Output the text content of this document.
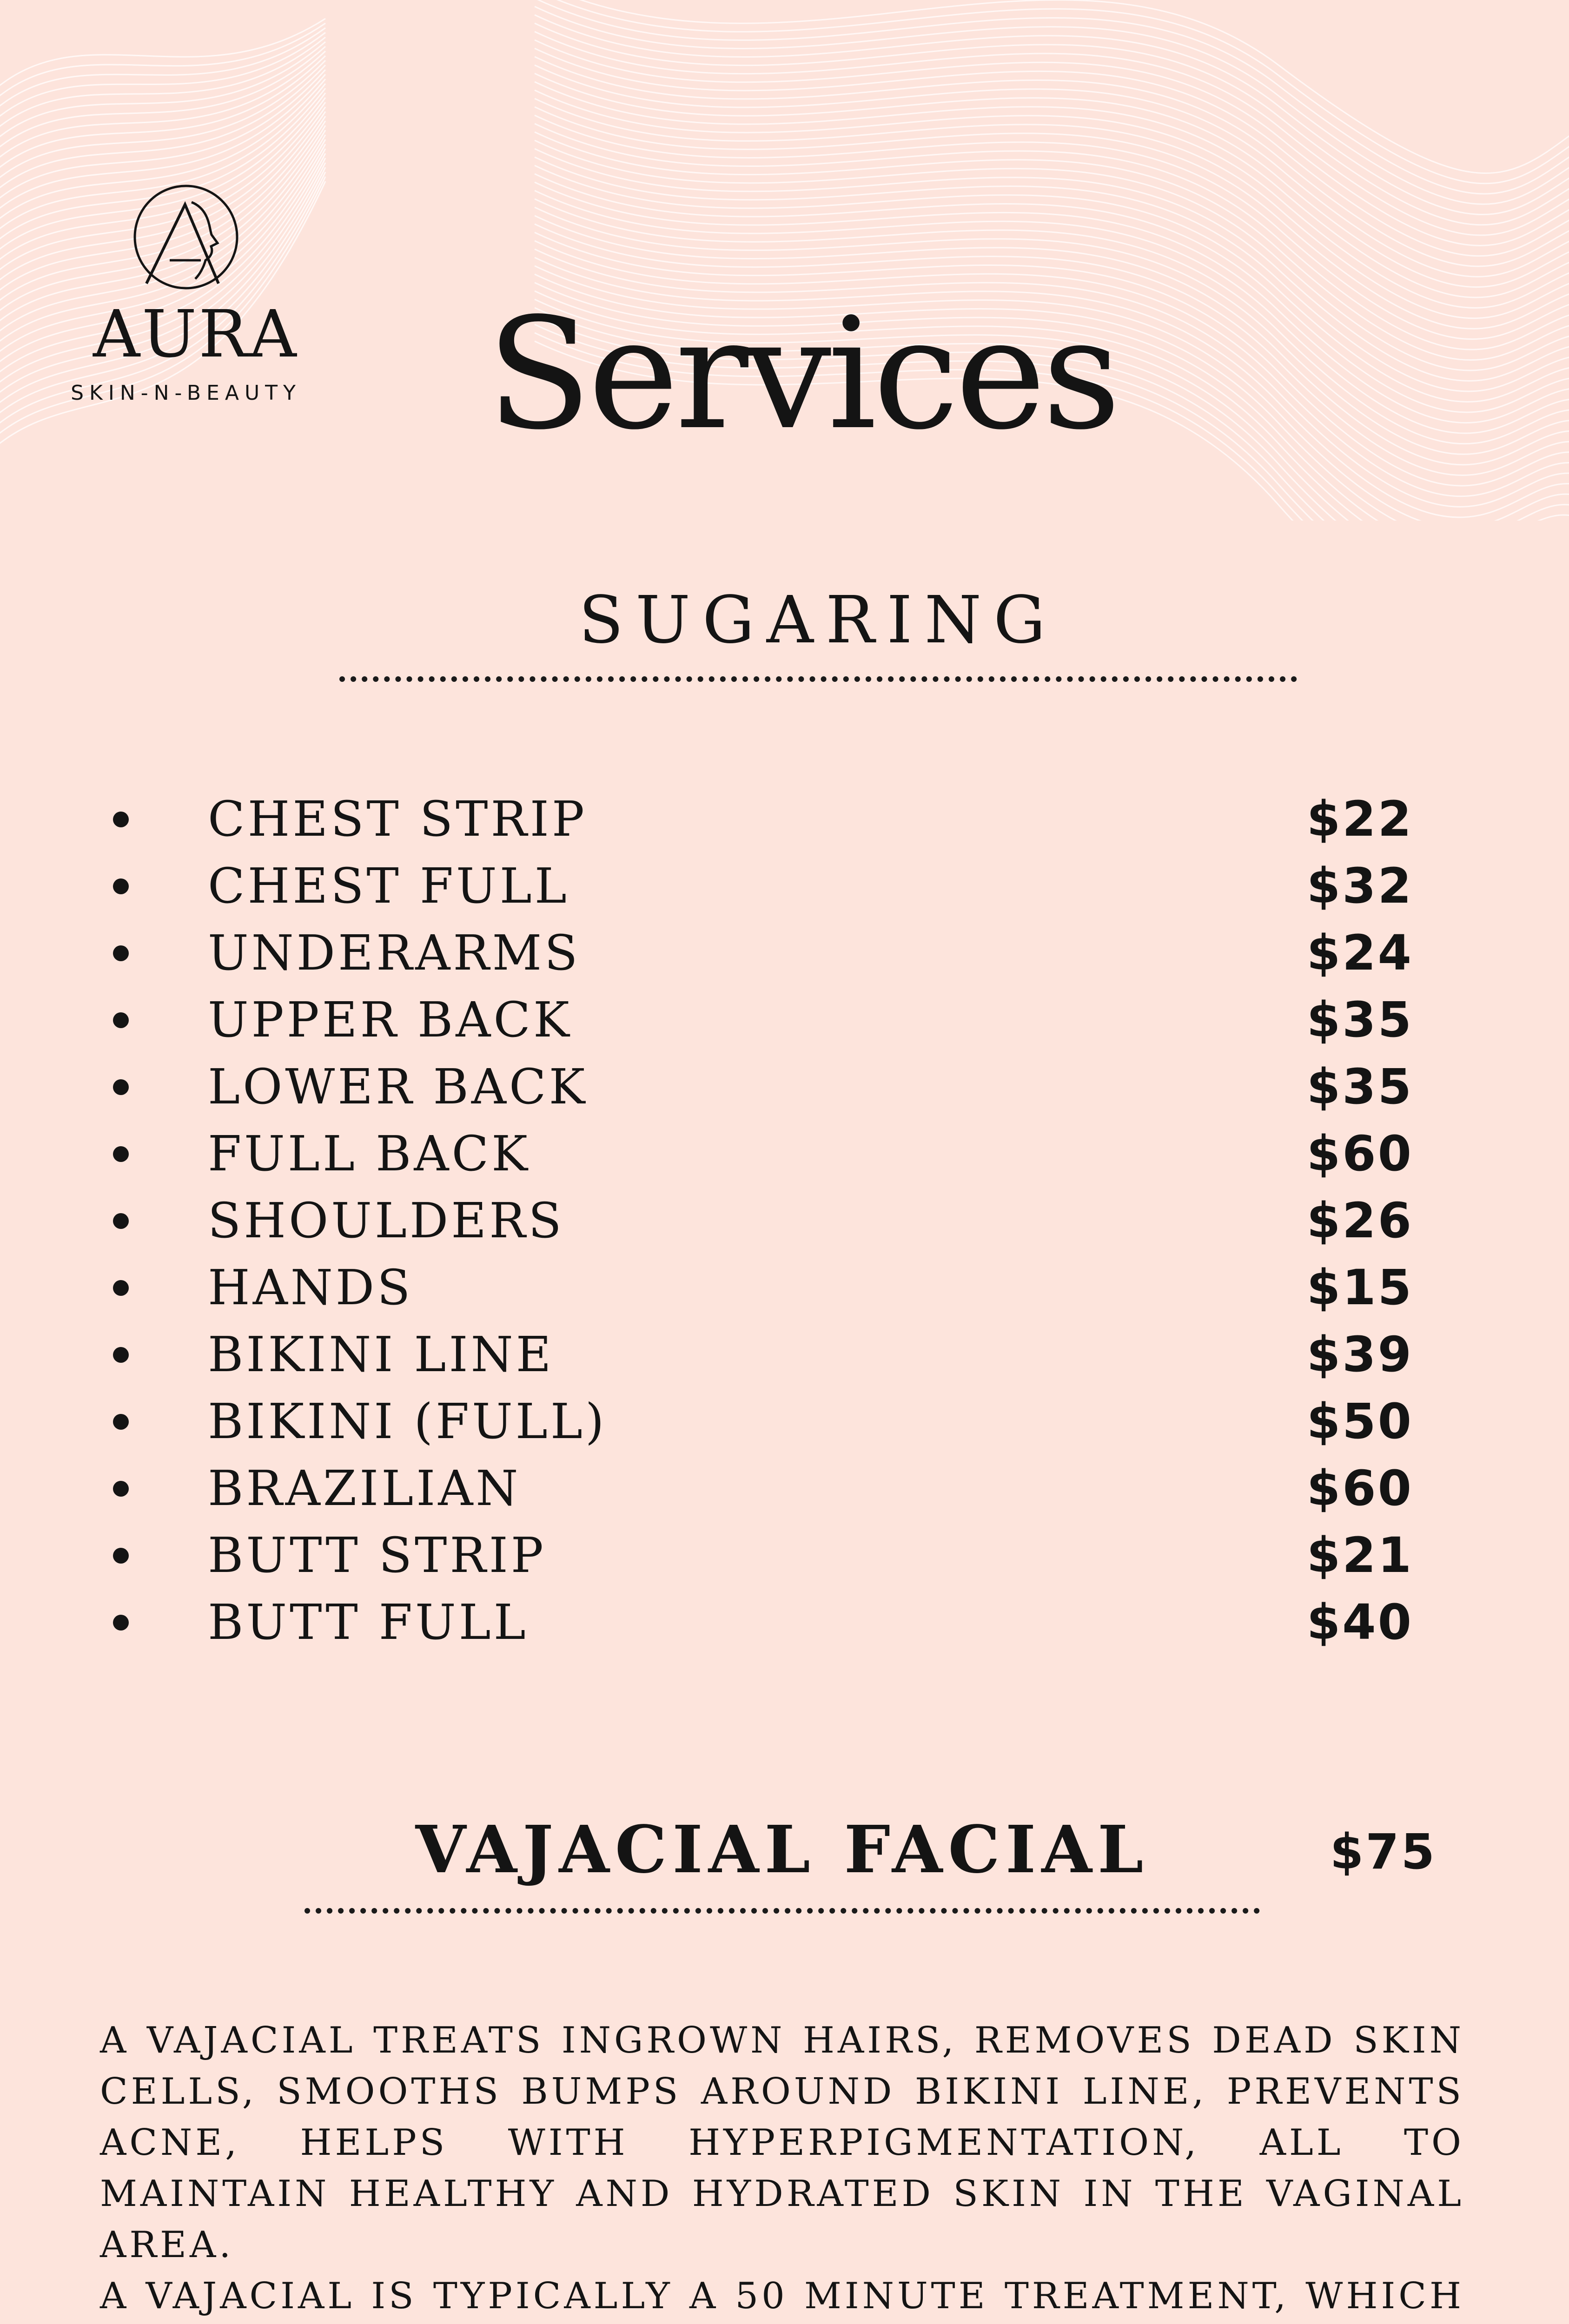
AURA
SKIN-N-BEAUTY Services
SUGARING
CHEST STRIP	$22
CHEST FULL	$32
UNDERARMS	$24
UPPER BACK	$35
LOWER BACK	$35
FULL BACK	$60
SHOULDERS	$26
HANDS	$15
BIKINI LINE	$39
BIKINI (FULL)	$50
BRAZILIAN	$60
BUTT STRIP	$21
BUTT FULL	$40
VAJACIAL FACIAL	$75
A VAJACIAL TREATS INGROWN HAIRS, REMOVES DEAD SKIN CELLS, SMOOTHS BUMPS AROUND BIKINI LINE, PREVENTS ACNE, HELPS WITH HYPERPIGMENTATION, ALL TO MAINTAIN HEALTHY AND HYDRATED SKIN IN THE VAGINAL AREA.
A VAJACIAL IS TYPICALLY A 50 MINUTE TREATMENT, WHICH
